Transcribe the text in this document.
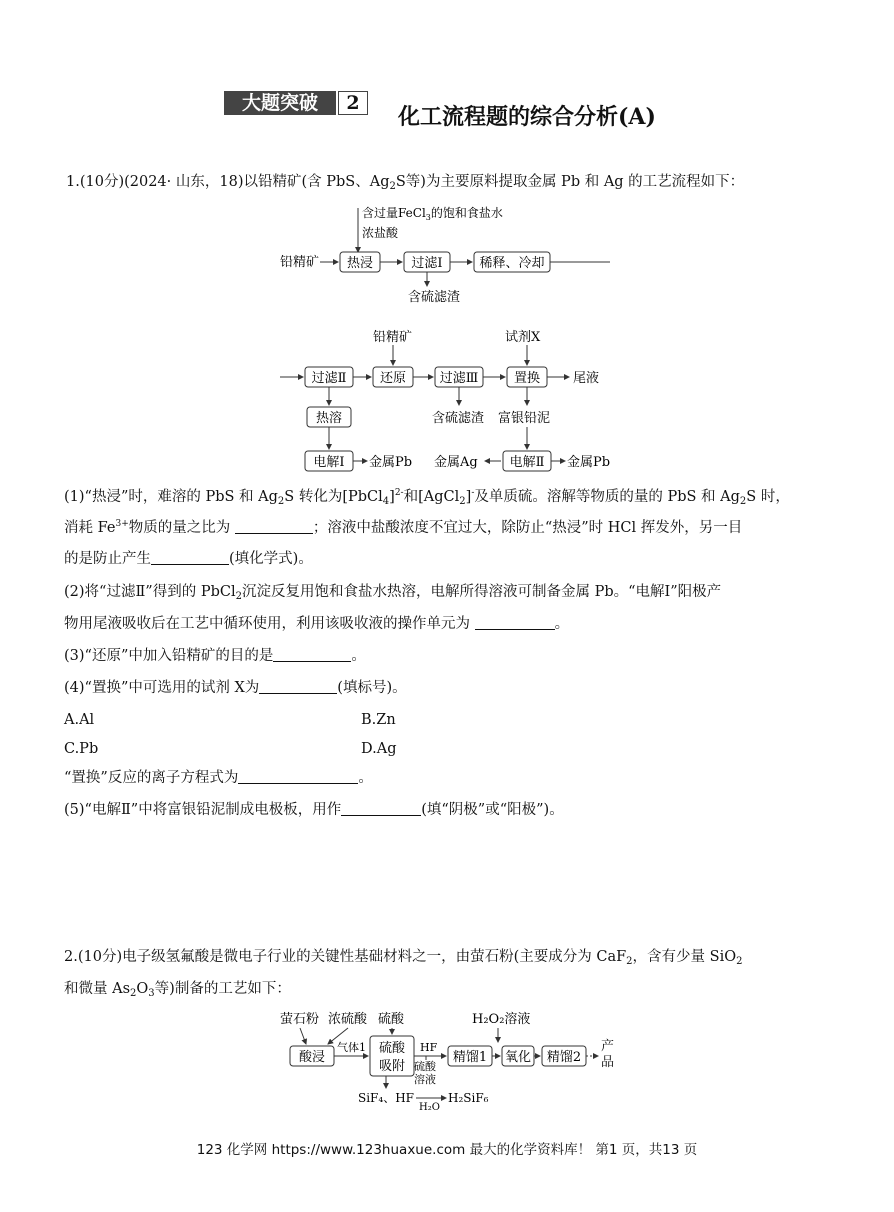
大题突破	2
化工流程题的综合分析(A)
1.(10分)(2024· 山东，18)以铅精矿(含 PbS、$Ag_2S$等)为主要原料提取金属 Pb 和 Ag 的工艺流程如下：
含过量FeCl$_3$的饱和食盐水
浓盐酸
铅精矿 热浸	过滤Ⅰ	稀释、冷却
含硫滤渣
铅精矿	试剂X
过滤Ⅱ	还原	过滤Ⅲ	置换	尾液
热溶	含硫滤渣 富银铅泥
电解Ⅰ 金属Pb 金属Ag 电解Ⅱ 金属Pb
(1)“热浸”时，难溶的 PbS 和 $Ag_2S$ 转化为[PbCl$_4$]$^{2-}$和[AgCl$_2$]-及单质硫。溶解等物质的量的 PbS 和 $Ag_2S$ 时，
消耗 $Fe^{3+}$物质的量之比为	；溶液中盐酸浓度不宜过大，除防止“热浸”时 HCl 挥发外，另一目
的是防止产生	(填化学式)。
(2)将“过滤Ⅱ”得到的 PbCl$_2$沉淀反复用饱和食盐水热溶，电解所得溶液可制备金属 Pb。“电解Ⅰ”阳极产
物用尾液吸收后在工艺中循环使用，利用该吸收液的操作单元为	。
(3)“还原”中加入铅精矿的目的是	。
(4)“置换”中可选用的试剂 X为	(填标号)。
A.Al	B.Zn
C.Pb	D.Ag
“置换”反应的离子方程式为	。
(5)“电解Ⅱ”中将富银铅泥制成电极板，用作	(填“阴极”或“阳极”)。
2.(10分)电子级氢氟酸是微电子行业的关键性基础材料之一，由萤石粉(主要成分为 CaF$_2$，含有少量 SiO$_2$
和微量 $As_2O_3$等)制备的工艺如下：
萤石粉 浓硫酸 硫酸	H₂O₂溶液
酸浸
气体1 硫酸
吸附
HF
硫酸
溶液
精馏1 氧化 精馏2
产
品
SiF₄、HF
H₂O
H₂SiF₆
123 化学网 https://www.123huaxue.com 最大的化学资料库！ 第1 页，共13 页
